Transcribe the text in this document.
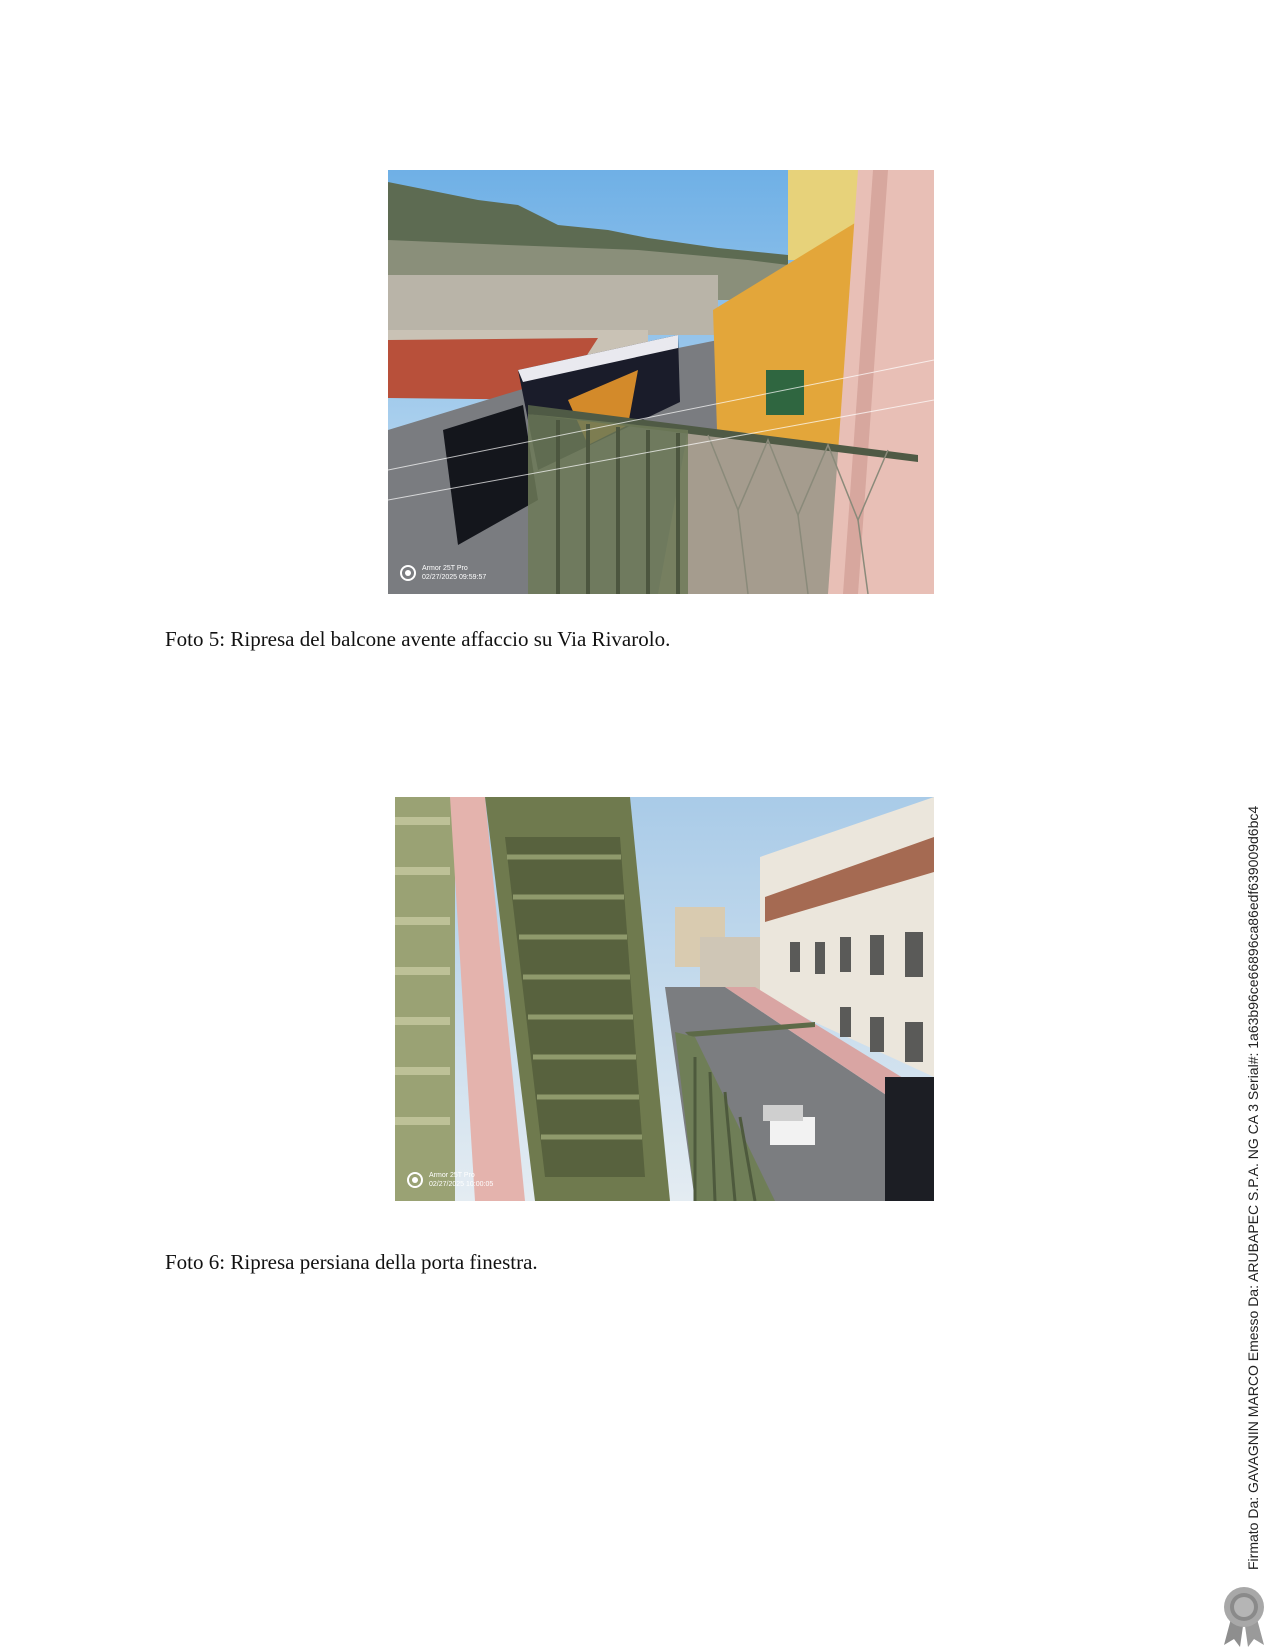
Armor 25T Pro
02/27/2025 09:59:57

Foto 5: Ripresa del balcone avente affaccio su Via Rivarolo.

Armor 25T Pro
02/27/2025 10:00:05

Foto 6: Ripresa persiana della porta finestra.	Firmato Da: GAVAGNIN MARCO Emesso Da: ARUBAPEC S.P.A. NG CA 3 Serial#: 1a63b96ce66896ca86edf639009d6bc4
